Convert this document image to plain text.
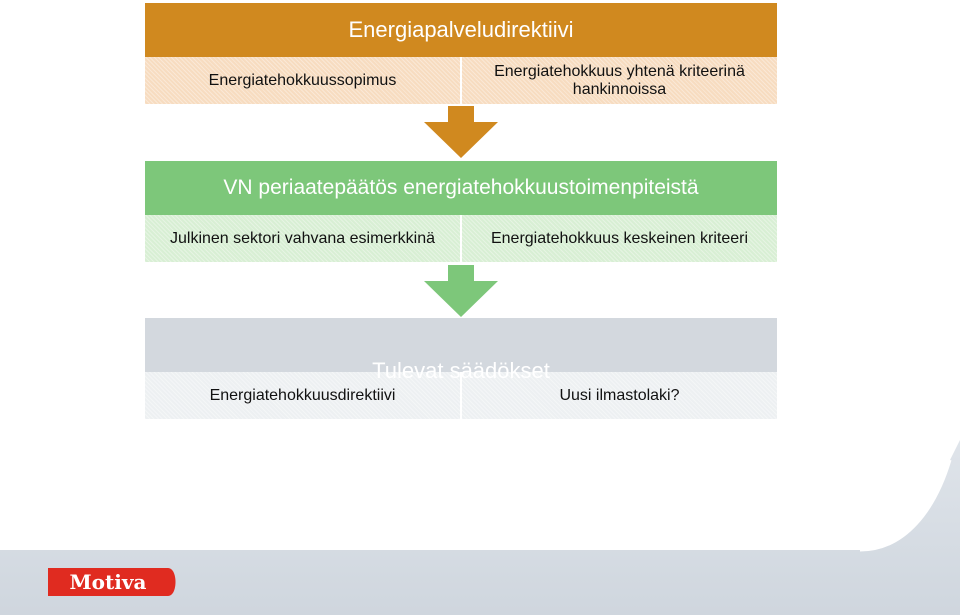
Energiapalveludirektiivi
Energiatehokkuussopimus
Energiatehokkuus yhtenä kriteerinä hankinnoissa
VN periaatepäätös energiatehokkuustoimenpiteistä
Julkinen sektori vahvana esimerkkinä	Energiatehokkuus keskeinen kriteeri
Tulevat säädökset
Energiatehokkuusdirektiivi	Uusi ilmastolaki?
Motiva
